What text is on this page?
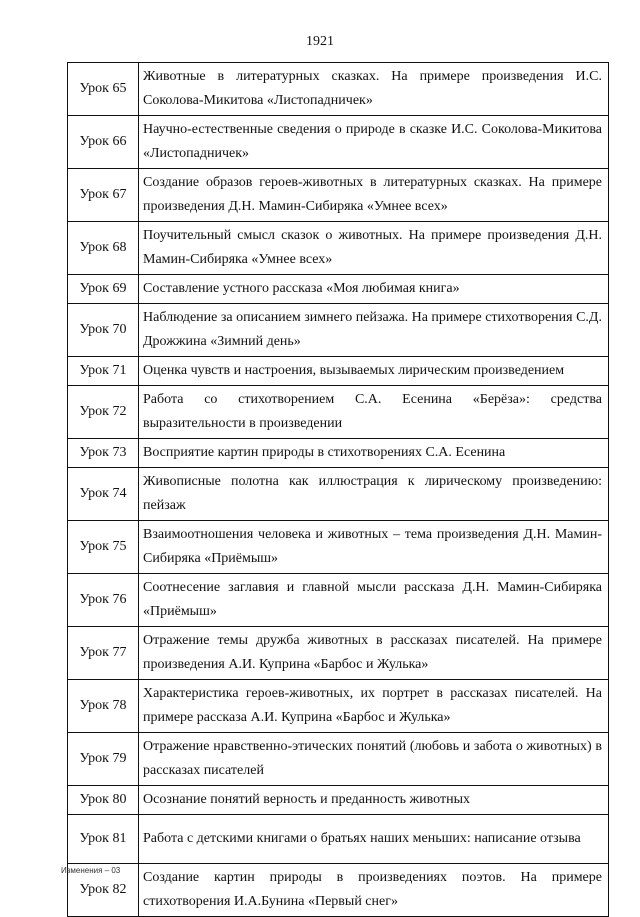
1921
Урок 65	Животные в литературных сказках. На примере произведения И.С. Соколова-Микитова «Листопадничек»
Урок 66	Научно-естественные сведения о природе в сказке И.С. Соколова-Микитова «Листопадничек»
Урок 67	Создание образов героев-животных в литературных сказках. На примере произведения Д.Н. Мамин-Сибиряка «Умнее всех»
Урок 68	Поучительный смысл сказок о животных. На примере произведения Д.Н. Мамин-Сибиряка «Умнее всех»
Урок 69	Составление устного рассказа «Моя любимая книга»
Урок 70	Наблюдение за описанием зимнего пейзажа. На примере стихотворения С.Д. Дрожжина «Зимний день»
Урок 71	Оценка чувств и настроения, вызываемых лирическим произведением
Урок 72	Работа со стихотворением С.А. Есенина «Берёза»: средства выразительности в произведении
Урок 73	Восприятие картин природы в стихотворениях С.А. Есенина
Урок 74	Живописные полотна как иллюстрация к лирическому произведению: пейзаж
Урок 75	Взаимоотношения человека и животных – тема произведения Д.Н. Мамин-Сибиряка «Приёмыш»
Урок 76	Соотнесение заглавия и главной мысли рассказа Д.Н. Мамин-Сибиряка «Приёмыш»
Урок 77	Отражение темы дружба животных в рассказах писателей. На примере произведения А.И. Куприна «Барбос и Жулька»
Урок 78	Характеристика героев-животных, их портрет в рассказах писателей. На примере рассказа А.И. Куприна «Барбос и Жулька»
Урок 79	Отражение нравственно-этических понятий (любовь и забота о животных) в рассказах писателей
Урок 80	Осознание понятий верность и преданность животных
Урок 81	Работа с детскими книгами о братьях наших меньших: написание отзыва
Урок 82	Создание картин природы в произведениях поэтов. На примере стихотворения И.А.Бунина «Первый снег»
Изменения – 03
